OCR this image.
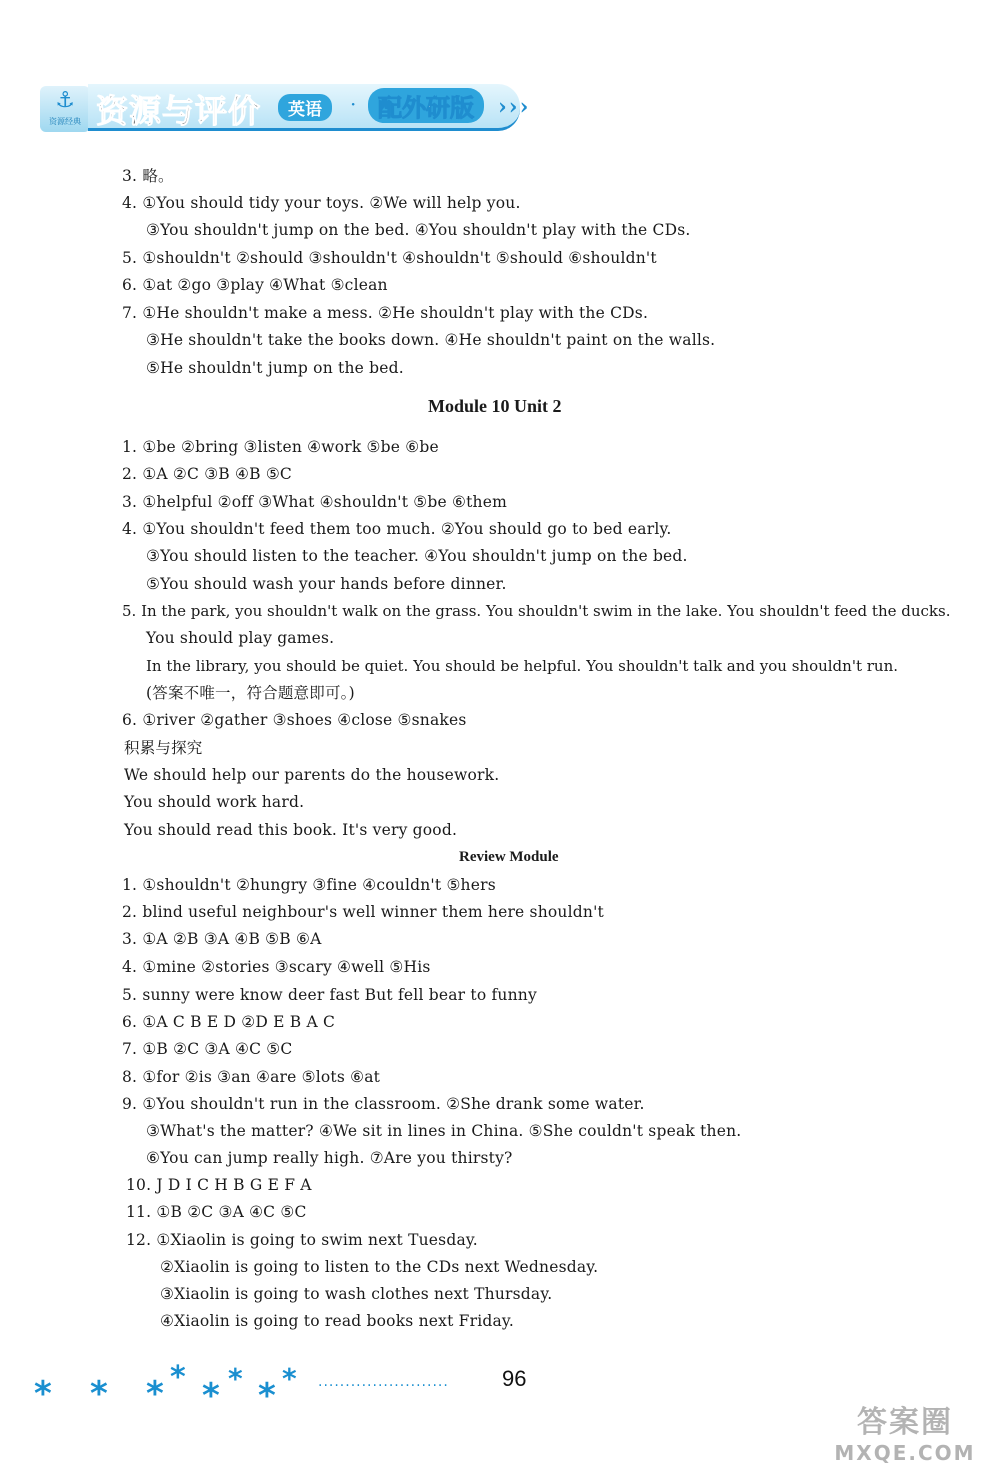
⚓
资源经典 资源与评价	英语	· 配外研版	›››
3. 略。
4. ①You should tidy your toys. ②We will help you.
③You shouldn't jump on the bed. ④You shouldn't play with the CDs.
5. ①shouldn't ②should ③shouldn't ④shouldn't ⑤should ⑥shouldn't
6. ①at ②go ③play ④What ⑤clean
7. ①He shouldn't make a mess. ②He shouldn't play with the CDs.
③He shouldn't take the books down. ④He shouldn't paint on the walls.
⑤He shouldn't jump on the bed.
Module 10 Unit 2
1. ①be ②bring ③listen ④work ⑤be ⑥be
2. ①A ②C ③B ④B ⑤C
3. ①helpful ②off ③What ④shouldn't ⑤be ⑥them
4. ①You shouldn't feed them too much. ②You should go to bed early.
③You should listen to the teacher. ④You shouldn't jump on the bed.
⑤You should wash your hands before dinner.
5. In the park, you shouldn't walk on the grass. You shouldn't swim in the lake. You shouldn't feed the ducks.
You should play games.
In the library, you should be quiet. You should be helpful. You shouldn't talk and you shouldn't run.
(答案不唯一，符合题意即可。)
6. ①river ②gather ③shoes ④close ⑤snakes
积累与探究
We should help our parents do the housework.
You should work hard.
You should read this book. It's very good.
Review Module
1. ①shouldn't ②hungry ③fine ④couldn't ⑤hers
2. blind useful neighbour's well winner them here shouldn't
3. ①A ②B ③A ④B ⑤B ⑥A
4. ①mine ②stories ③scary ④well ⑤His
5. sunny were know deer fast But fell bear to funny
6. ①A C B E D ②D E B A C
7. ①B ②C ③A ④C ⑤C
8. ①for ②is ③an ④are ⑤lots ⑥at
9. ①You shouldn't run in the classroom. ②She drank some water.
③What's the matter? ④We sit in lines in China. ⑤She couldn't speak then.
⑥You can jump really high. ⑦Are you thirsty?
10. J D I C H B G E F A
11. ①B ②C ③A ④C ⑤C
12. ①Xiaolin is going to swim next Tuesday.
②Xiaolin is going to listen to the CDs next Wednesday.
③Xiaolin is going to wash clothes next Thursday.
④Xiaolin is going to read books next Friday.
* * * * * * * * ........................ 96
答案圈
MXQE.COM
